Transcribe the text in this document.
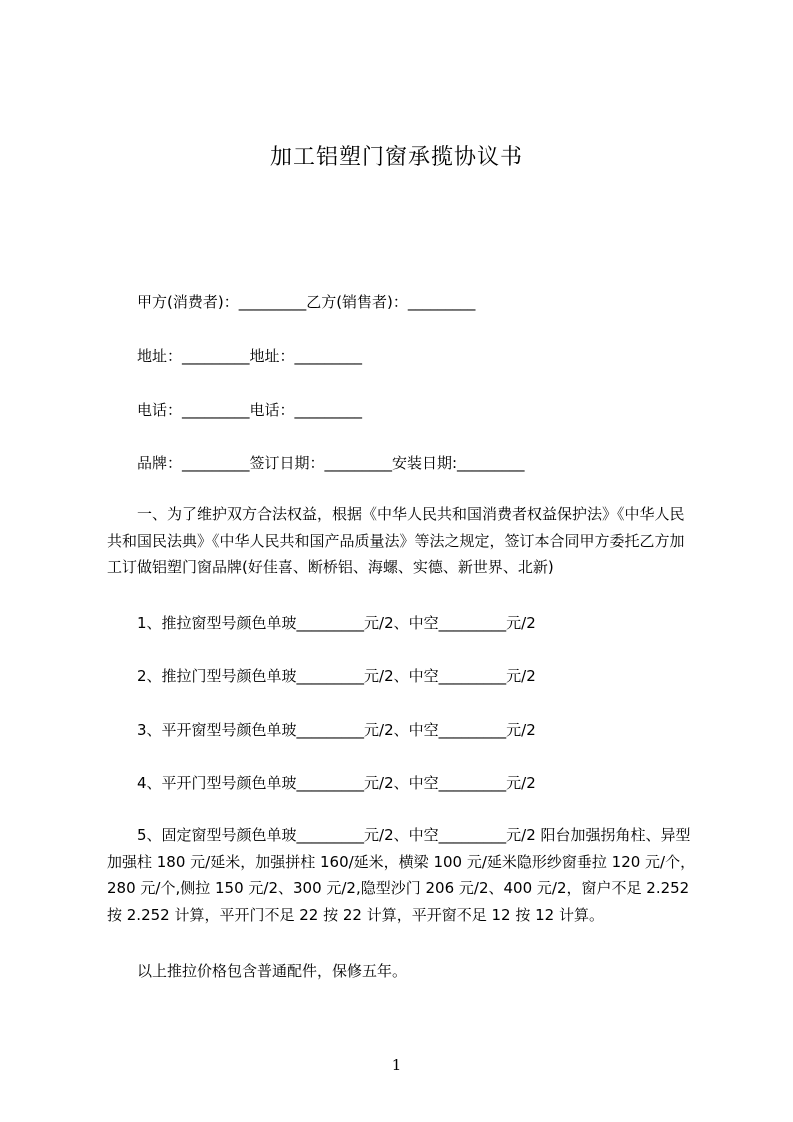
加工铝塑门窗承揽协议书
甲方(消费者)：_________乙方(销售者)：_________
地址：_________地址：_________
电话：_________电话：_________
品牌：_________签订日期：_________安装日期:_________

一、为了维护双方合法权益，根据《中华人民共和国消费者权益保护法》《中华人民共和国民法典》《中华人民共和国产品质量法》等法之规定，签订本合同甲方委托乙方加工订做铝塑门窗品牌(好佳喜、断桥铝、海螺、实德、新世界、北新)

1、推拉窗型号颜色单玻_________元/2、中空_________元/2
2、推拉门型号颜色单玻_________元/2、中空_________元/2
3、平开窗型号颜色单玻_________元/2、中空_________元/2
4、平开门型号颜色单玻_________元/2、中空_________元/2

5、固定窗型号颜色单玻_________元/2、中空_________元/2 阳台加强拐角柱、异型加强柱 180 元/延米，加强拼柱 160/延米，横梁 100 元/延米隐形纱窗垂拉 120 元/个，280 元/个,侧拉 150 元/2、300 元/2,隐型沙门 206 元/2、400 元/2，窗户不足 2.252 按 2.252 计算，平开门不足 22 按 22 计算，平开窗不足 12 按 12 计算。

以上推拉价格包含普通配件，保修五年。
1
